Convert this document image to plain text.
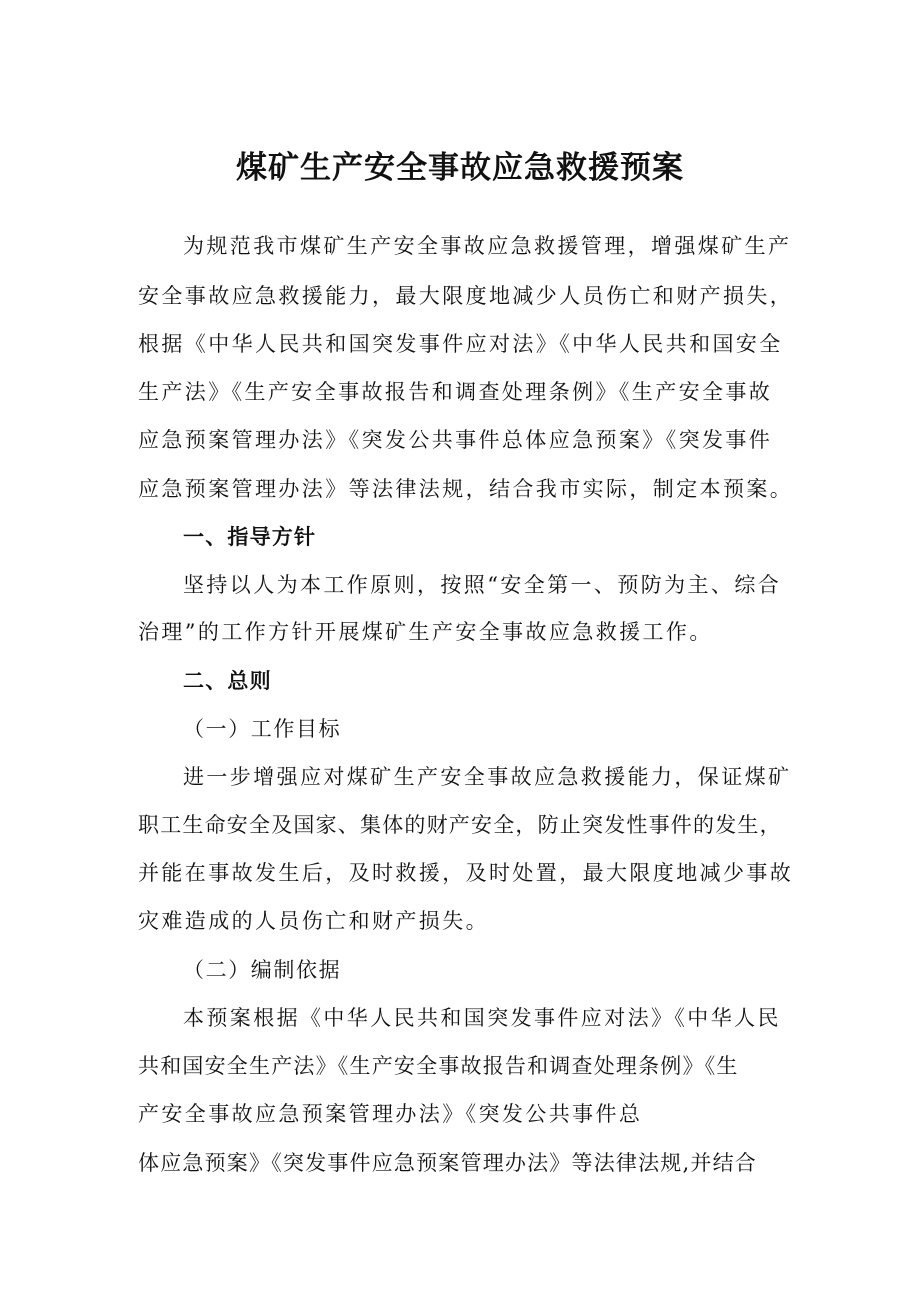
煤矿生产安全事故应急救援预案
为规范我市煤矿生产安全事故应急救援管理，增强煤矿生产
安全事故应急救援能力，最大限度地减少人员伤亡和财产损失，
根据《中华人民共和国突发事件应对法》《中华人民共和国安全
生产法》《生产安全事故报告和调查处理条例》《生产安全事故
应急预案管理办法》《突发公共事件总体应急预案》《突发事件
应急预案管理办法》等法律法规，结合我市实际，制定本预案。
一、指导方针
坚持以人为本工作原则，按照“安全第一、预防为主、综合
治理”的工作方针开展煤矿生产安全事故应急救援工作。
二、总则
（一）工作目标
进一步增强应对煤矿生产安全事故应急救援能力，保证煤矿
职工生命安全及国家、集体的财产安全，防止突发性事件的发生，
并能在事故发生后，及时救援，及时处置，最大限度地减少事故
灾难造成的人员伤亡和财产损失。
（二）编制依据
本预案根据《中华人民共和国突发事件应对法》《中华人民
共和国安全生产法》《生产安全事故报告和调查处理条例》《生
产安全事故应急预案管理办法》《突发公共事件总
体应急预案》《突发事件应急预案管理办法》等法律法规,并结合
